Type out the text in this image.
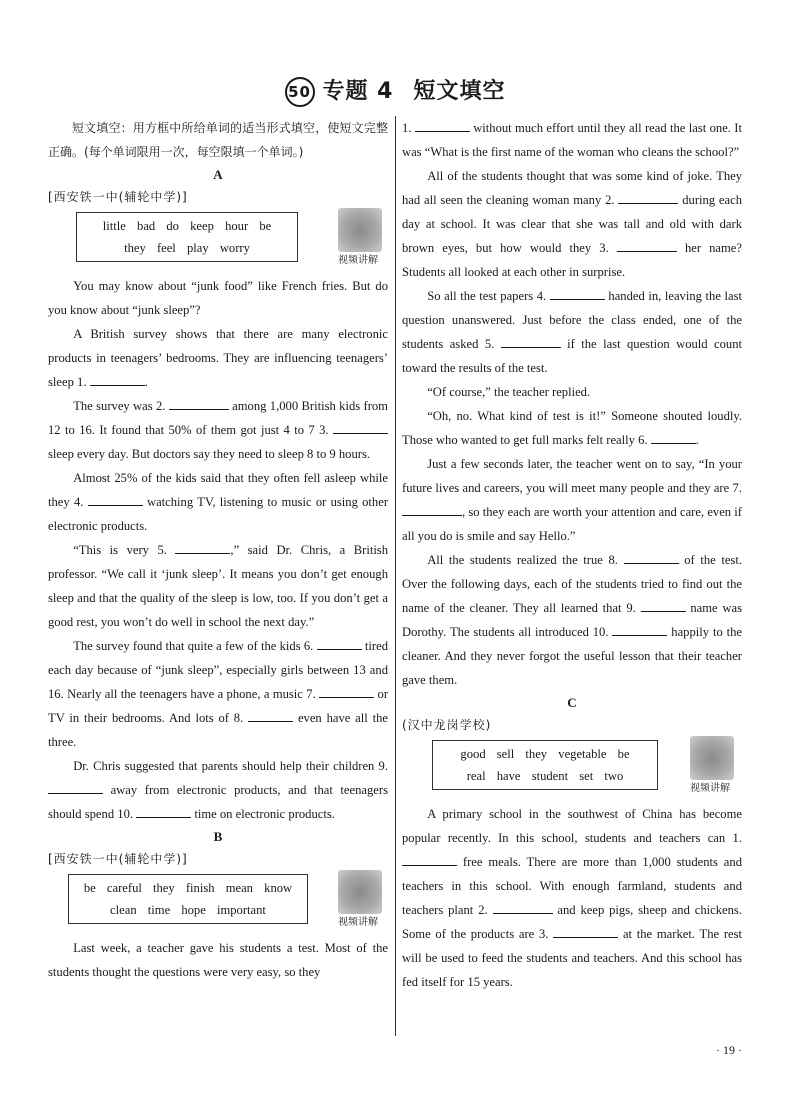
50 专题 4 短文填空

短文填空：用方框中所给单词的适当形式填空，使短文完整正确。(每个单词限用一次，每空限填一个单词。)

A
[西安铁一中(辅轮中学)]
little bad do keep hour be
they feel play worry
视频讲解

You may know about “junk food” like French fries. But do you know about “junk sleep”?

A British survey shows that there are many electronic products in teenagers’ bedrooms. They are influencing teenagers’ sleep 1.	.

The survey was 2.	among 1,000 British kids from 12 to 16. It found that 50% of them got just 4 to 7 3.  sleep every day. But doctors say they need to sleep 8 to 9 hours.

Almost 25% of the kids said that they often fell asleep while they 4.	watching TV, listening to music or using other electronic products.

“This is very 5.	,” said Dr. Chris, a British professor. “We call it ‘junk sleep’. It means you don’t get enough sleep and that the quality of the sleep is low, too. If you don’t get a good rest, you won’t do well in school the next day.”

The survey found that quite a few of the kids 6.	tired each day because of “junk sleep”, especially girls between 13 and 16. Nearly all the teenagers have a phone, a music 7.	or TV in their bedrooms. And lots of 8.	even have all the three.

Dr. Chris suggested that parents should help their children 9.  away from electronic products, and that teenagers should spend 10.	time on electronic products.

B
[西安铁一中(辅轮中学)]
be careful they finish mean know
clean time hope important
视频讲解

Last week, a teacher gave his students a test. Most of the students thought the questions were very easy, so they

1.	without much effort until they all read the last one. It was “What is the first name of the woman who cleans the school?”

All of the students thought that was some kind of joke. They had all seen the cleaning woman many 2.	during each day at school. It was clear that she was tall and old with dark brown eyes, but how would they 3.	her name? Students all looked at each other in surprise.

So all the test papers 4.	handed in, leaving the last question unanswered. Just before the class ended, one of the students asked 5.	if the last question would count toward the results of the test.

“Of course,” the teacher replied.

“Oh, no. What kind of test is it!” Someone shouted loudly. Those who wanted to get full marks felt really 6.	.

Just a few seconds later, the teacher went on to say, “In your future lives and careers, you will meet many people and they are 7. , so they each are worth your attention and care, even if all you do is smile and say Hello.”

All the students realized the true 8.	of the test. Over the following days, each of the students tried to find out the name of the cleaner. They all learned that 9.	name was Dorothy. The students all introduced 10.	happily to the cleaner. And they never forgot the useful lesson that their teacher gave them.

C
(汉中龙岗学校)
good sell they vegetable be
real have student set two
视频讲解

A primary school in the southwest of China has become popular recently. In this school, students and teachers can 1.  free meals. There are more than 1,000 students and teachers in this school. With enough farmland, students and teachers plant 2.	and keep pigs, sheep and chickens. Some of the products are 3.	at the market. The rest will be used to feed the students and teachers. And this school has fed itself for 15 years.

· 19 ·
